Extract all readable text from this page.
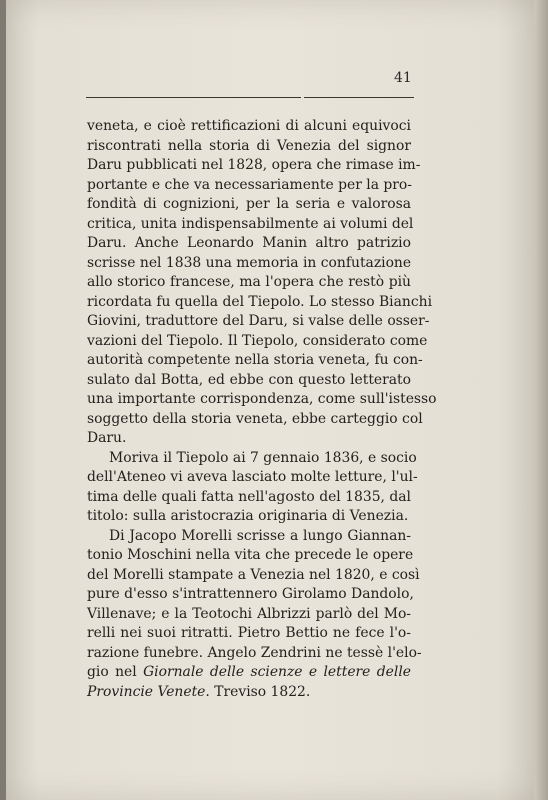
41
veneta, e cioè rettificazioni di alcuni equivoci
riscontrati nella storia di Venezia del signor
Daru pubblicati nel 1828, opera che rimase im-
portante e che va necessariamente per la pro-
fondità di cognizioni, per la seria e valorosa
critica, unita indispensabilmente ai volumi del
Daru. Anche Leonardo Manin altro patrizio
scrisse nel 1838 una memoria in confutazione
allo storico francese, ma l'opera che restò più
ricordata fu quella del Tiepolo. Lo stesso Bianchi
Giovini, traduttore del Daru, si valse delle osser-
vazioni del Tiepolo. Il Tiepolo, considerato come
autorità competente nella storia veneta, fu con-
sulato dal Botta, ed ebbe con questo letterato
una importante corrispondenza, come sull'istesso
soggetto della storia veneta, ebbe carteggio col
Daru.
Moriva il Tiepolo ai 7 gennaio 1836, e socio
dell'Ateneo vi aveva lasciato molte letture, l'ul-
tima delle quali fatta nell'agosto del 1835, dal
titolo: sulla aristocrazia originaria di Venezia.
Di Jacopo Morelli scrisse a lungo Giannan-
tonio Moschini nella vita che precede le opere
del Morelli stampate a Venezia nel 1820, e così
pure d'esso s'intrattennero Girolamo Dandolo,
Villenave; e la Teotochi Albrizzi parlò del Mo-
relli nei suoi ritratti. Pietro Bettio ne fece l'o-
razione funebre. Angelo Zendrini ne tessè l'elo-
gio nel Giornale delle scienze e lettere delle
Provincie Venete. Treviso 1822.
